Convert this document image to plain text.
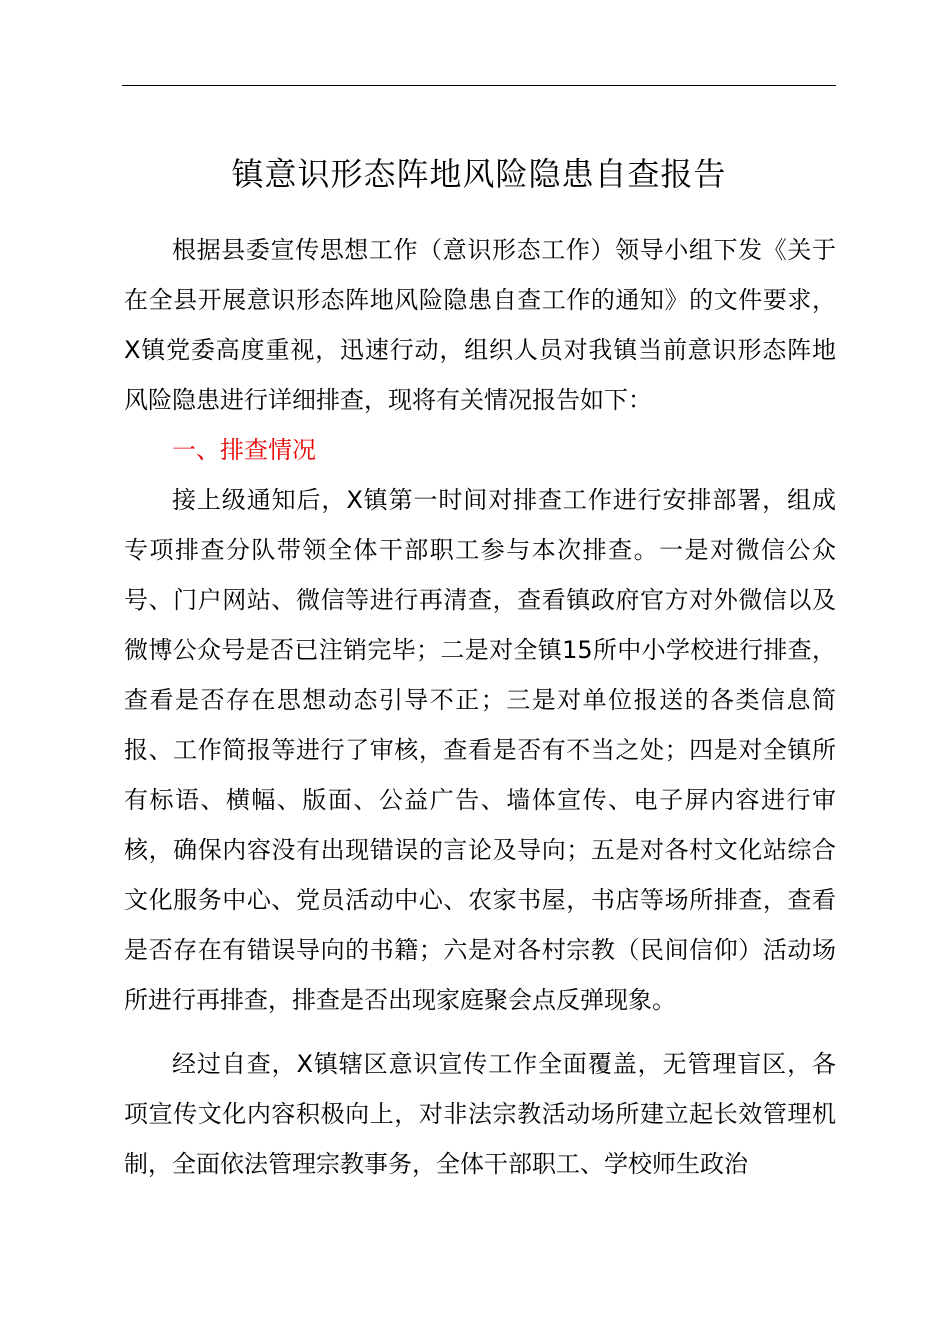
镇意识形态阵地风险隐患自查报告

根据县委宣传思想工作（意识形态工作）领导小组下发《关于在全县开展意识形态阵地风险隐患自查工作的通知》的文件要求，X镇党委高度重视，迅速行动，组织人员对我镇当前意识形态阵地风险隐患进行详细排查，现将有关情况报告如下：

一、排查情况

接上级通知后，X镇第一时间对排查工作进行安排部署，组成专项排查分队带领全体干部职工参与本次排查。一是对微信公众号、门户网站、微信等进行再清查，查看镇政府官方对外微信以及微博公众号是否已注销完毕；二是对全镇15所中小学校进行排查，查看是否存在思想动态引导不正；三是对单位报送的各类信息简报、工作简报等进行了审核，查看是否有不当之处；四是对全镇所有标语、横幅、版面、公益广告、墙体宣传、电子屏内容进行审核，确保内容没有出现错误的言论及导向；五是对各村文化站综合文化服务中心、党员活动中心、农家书屋，书店等场所排查，查看是否存在有错误导向的书籍；六是对各村宗教（民间信仰）活动场所进行再排查，排查是否出现家庭聚会点反弹现象。

经过自查，X镇辖区意识宣传工作全面覆盖，无管理盲区，各项宣传文化内容积极向上，对非法宗教活动场所建立起长效管理机制，全面依法管理宗教事务，全体干部职工、学校师生政治
